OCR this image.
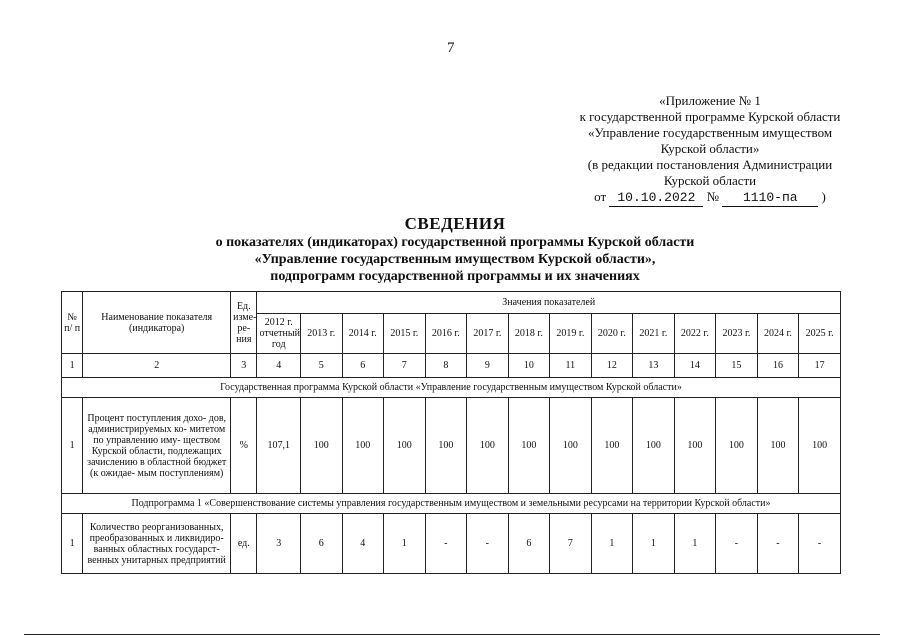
7
«Приложение № 1
к государственной программе Курской области
«Управление государственным имуществом
Курской области»
(в редакции постановления Администрации
Курской области
от 10.10.2022 № 1110-па )
СВЕДЕНИЯ
о показателях (индикаторах) государственной программы Курской области
«Управление государственным имуществом Курской области»,
подпрограмм государственной программы и их значениях
№ п/ п	Наименование показателя (индикатора)	Ед. изме- ре- ния	Значения показателей													
			2012 г. отчетный год	2013 г.	2014 г.	2015 г.	2016 г.	2017 г.	2018 г.	2019 г.	2020 г.	2021 г.	2022 г.	2023 г.	2024 г.	2025 г.
1	2	3	4	5	6	7	8	9	10	11	12	13	14	15	16	17
Государственная программа Курской области «Управление государственным имуществом Курской области»																
1	Процент поступления дохо- дов, администрируемых ко- митетом по управлению иму- ществом Курской области, подлежащих зачислению в областной бюджет (к ожидае- мым поступлениям)	%	107,1	100	100	100	100	100	100	100	100	100	100	100	100	100
Подпрограмма 1 «Совершенствование системы управления государственным имуществом и земельными ресурсами на территории Курской области»																
1	Количество реорганизованных, преобразованных и ликвидиро- ванных областных государст- венных унитарных предприятий	ед.	3	6	4	1	-	-	6	7	1	1	1	-	-	-
